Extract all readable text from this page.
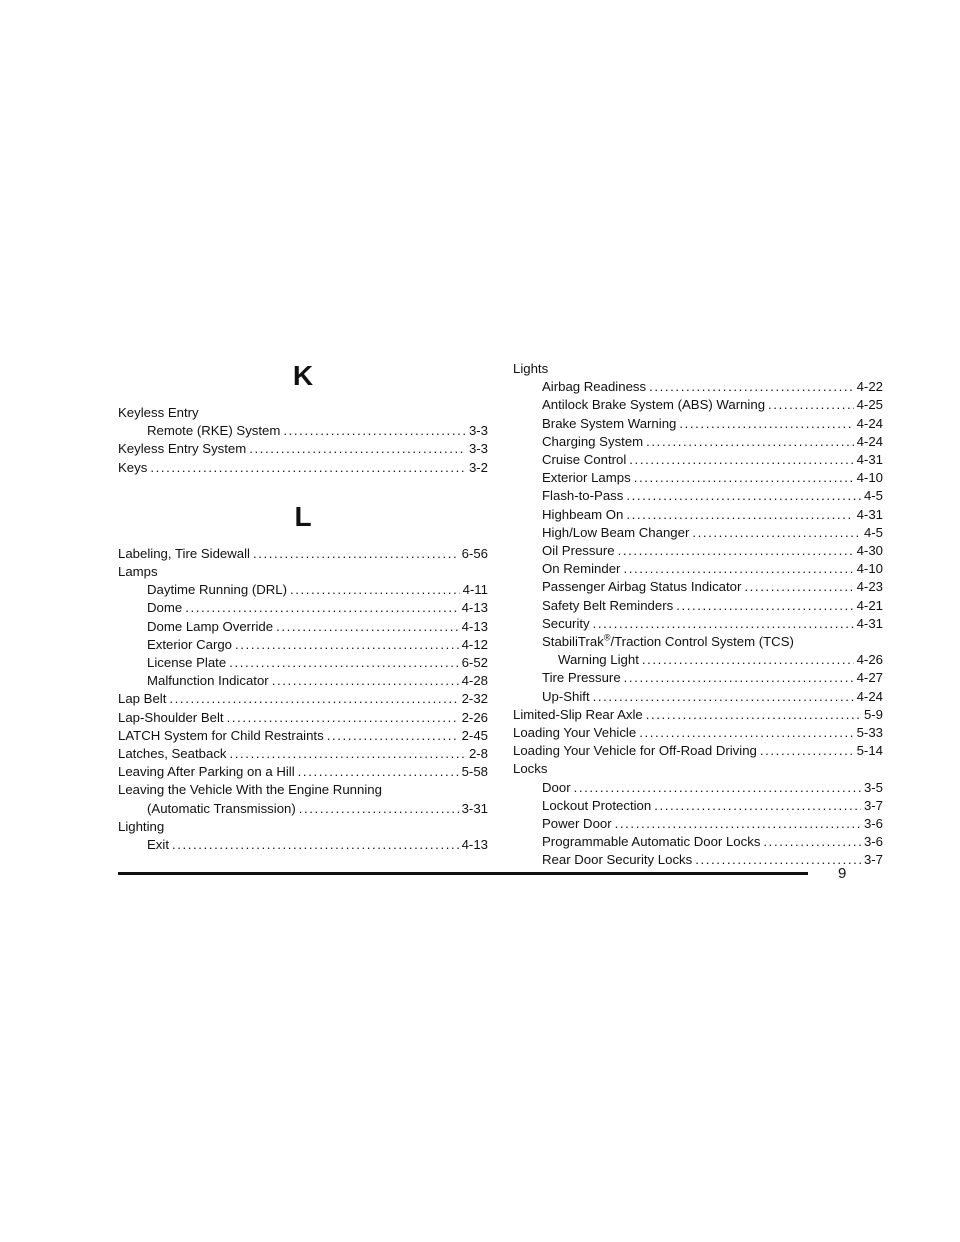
K
Keyless Entry
Remote (RKE) System .....	3-3
Keyless Entry System .....	3-3
Keys .....	3-2
L
Labeling, Tire Sidewall .....	6-56
Lamps
Daytime Running (DRL) .....	4-11
Dome .....	4-13
Dome Lamp Override .....	4-13
Exterior Cargo .....	4-12
License Plate .....	6-52
Malfunction Indicator .....	4-28
Lap Belt .....	2-32
Lap-Shoulder Belt .....	2-26
LATCH System for Child Restraints .....	2-45
Latches, Seatback .....	2-8
Leaving After Parking on a Hill .....	5-58
Leaving the Vehicle With the Engine Running
(Automatic Transmission) .....	3-31
Lighting
Exit .....	4-13
Lights
Airbag Readiness .....	4-22
Antilock Brake System (ABS) Warning .....	4-25
Brake System Warning .....	4-24
Charging System .....	4-24
Cruise Control .....	4-31
Exterior Lamps .....	4-10
Flash-to-Pass .....	4-5
Highbeam On .....	4-31
High/Low Beam Changer .....	4-5
Oil Pressure .....	4-30
On Reminder .....	4-10
Passenger Airbag Status Indicator .....	4-23
Safety Belt Reminders .....	4-21
Security .....	4-31
StabiliTrak®/Traction Control System (TCS)
Warning Light .....	4-26
Tire Pressure .....	4-27
Up-Shift .....	4-24
Limited-Slip Rear Axle .....	5-9
Loading Your Vehicle .....	5-33
Loading Your Vehicle for Off-Road Driving .....	5-14
Locks
Door .....	3-5
Lockout Protection .....	3-7
Power Door .....	3-6
Programmable Automatic Door Locks .....	3-6
Rear Door Security Locks .....	3-7
9
